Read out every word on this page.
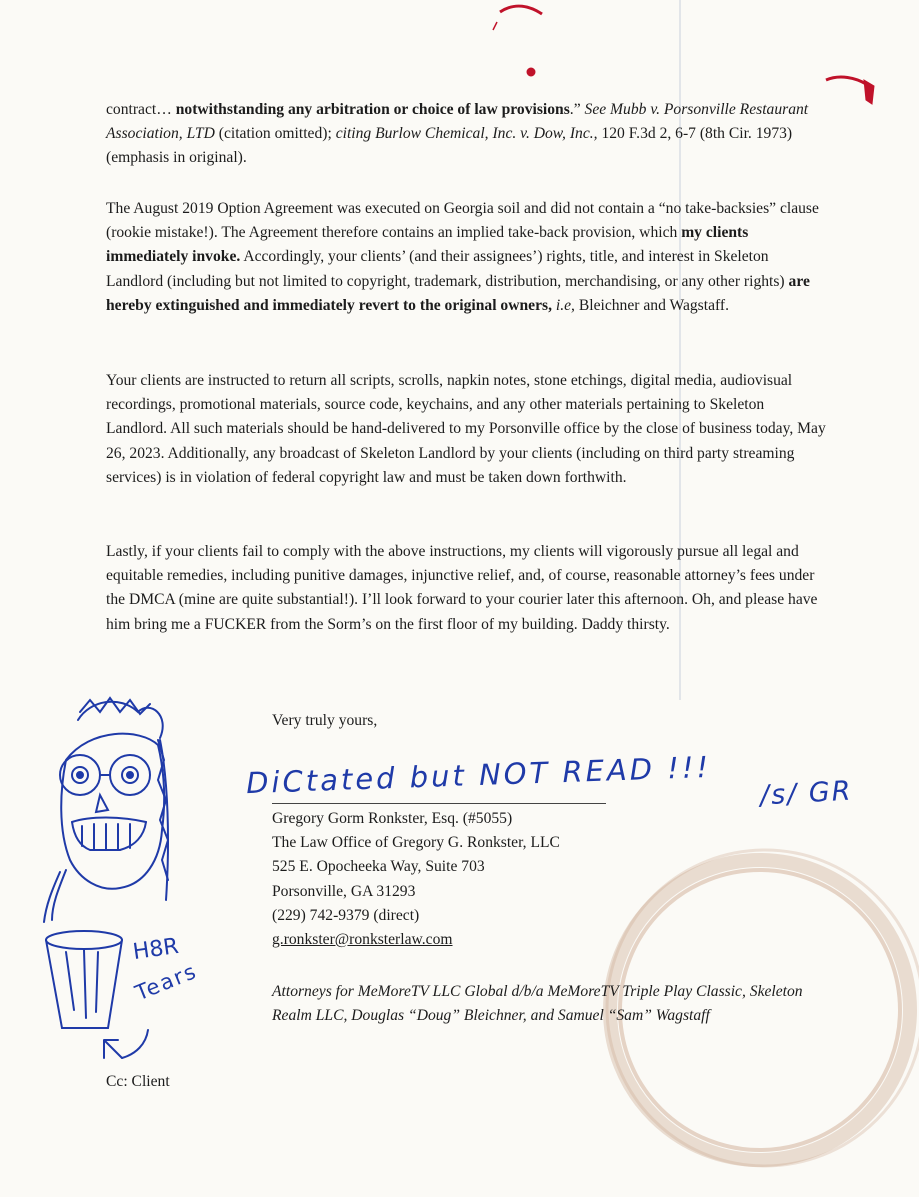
contract… notwithstanding any arbitration or choice of law provisions.” See Mubb v. Porsonville Restaurant Association, LTD (citation omitted); citing Burlow Chemical, Inc. v. Dow, Inc., 120 F.3d 2, 6-7 (8th Cir. 1973) (emphasis in original).

The August 2019 Option Agreement was executed on Georgia soil and did not contain a “no take-backsies” clause (rookie mistake!). The Agreement therefore contains an implied take-back provision, which my clients immediately invoke. Accordingly, your clients’ (and their assignees’) rights, title, and interest in Skeleton Landlord (including but not limited to copyright, trademark, distribution, merchandising, or any other rights) are hereby extinguished and immediately revert to the original owners, i.e, Bleichner and Wagstaff.

Your clients are instructed to return all scripts, scrolls, napkin notes, stone etchings, digital media, audiovisual recordings, promotional materials, source code, keychains, and any other materials pertaining to Skeleton Landlord. All such materials should be hand-delivered to my Porsonville office by the close of business today, May 26, 2023. Additionally, any broadcast of Skeleton Landlord by your clients (including on third party streaming services) is in violation of federal copyright law and must be taken down forthwith.

Lastly, if your clients fail to comply with the above instructions, my clients will vigorously pursue all legal and equitable remedies, including punitive damages, injunctive relief, and, of course, reasonable attorney’s fees under the DMCA (mine are quite substantial!). I’ll look forward to your courier later this afternoon. Oh, and please have him bring me a FUCKER from the Sorm’s on the first floor of my building. Daddy thirsty.

Very truly yours,
DiCtated but NOT READ !!! /s/ GR
Gregory Gorm Ronkster, Esq. (#5055)
The Law Office of Gregory G. Ronkster, LLC
525 E. Opocheeka Way, Suite 703
Porsonville, GA 31293
(229) 742-9379 (direct)
g.ronkster@ronksterlaw.com
Attorneys for MeMoreTV LLC Global d/b/a MeMoreTV Triple Play Classic, Skeleton Realm LLC, Douglas “Doug” Bleichner, and Samuel “Sam” Wagstaff
H8R
Tears
Cc: Client
